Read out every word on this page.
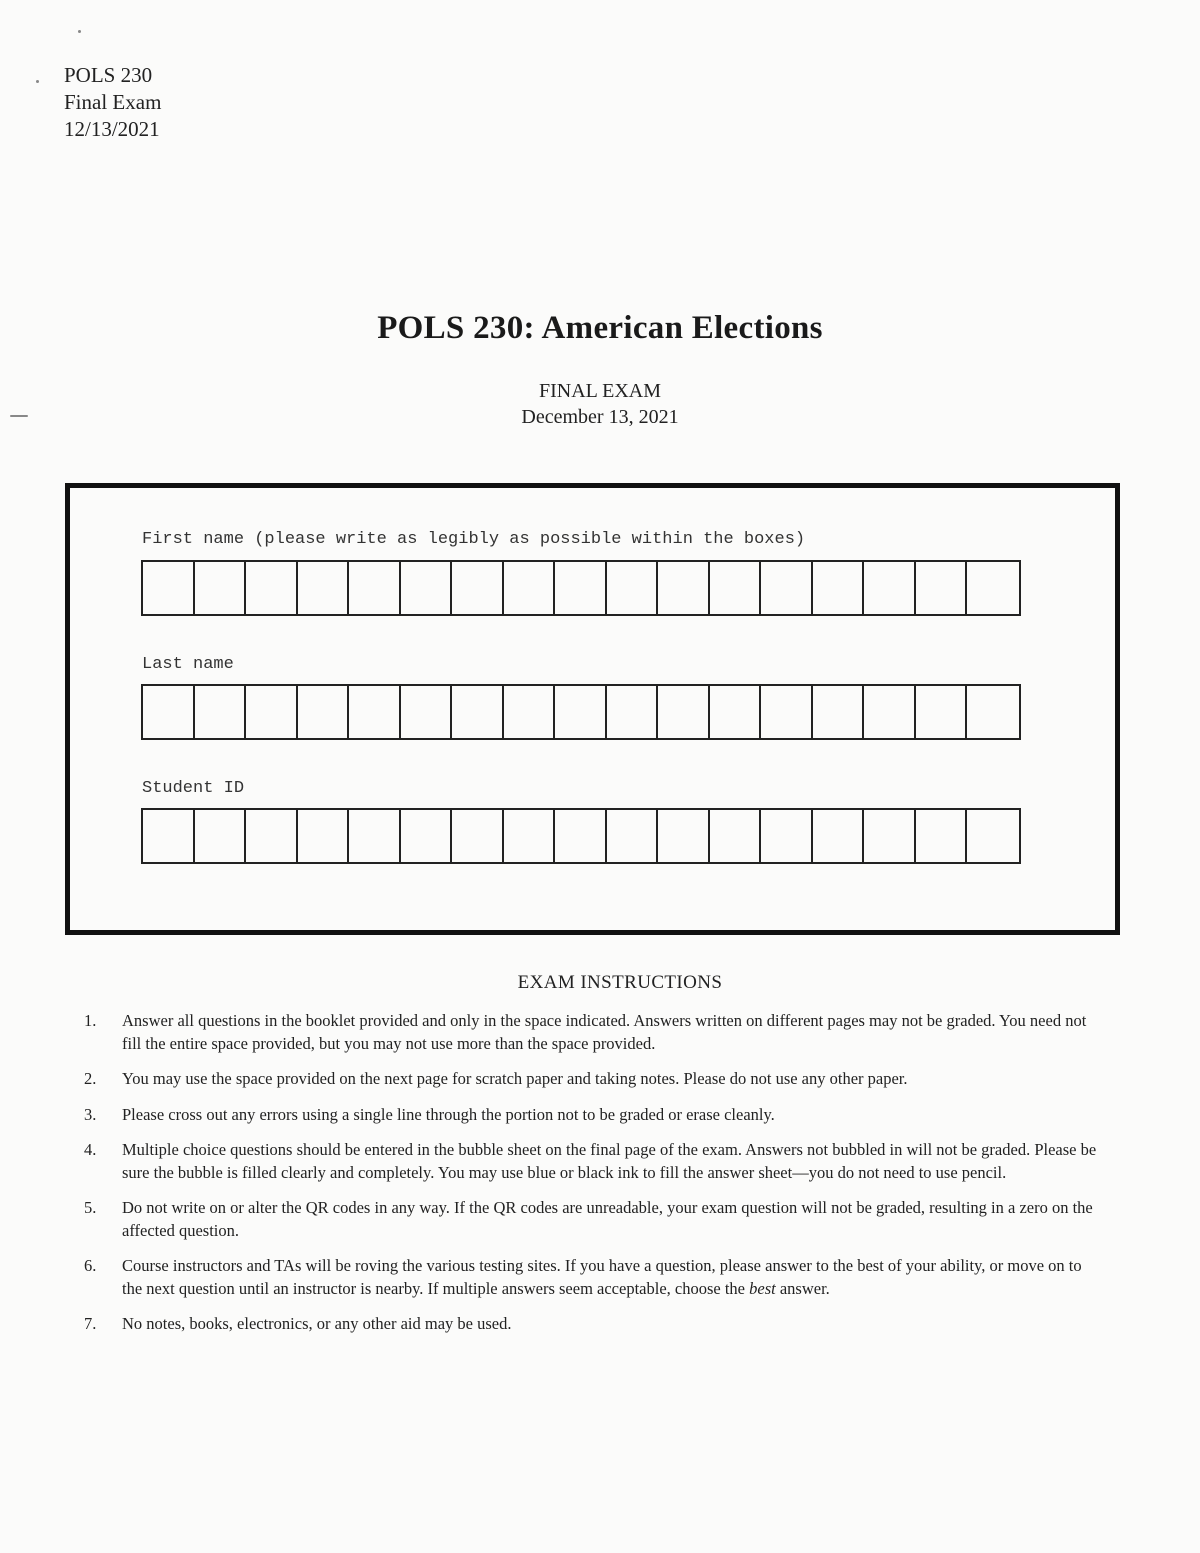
POLS 230
Final Exam
12/13/2021
POLS 230: American Elections
FINAL EXAM
December 13, 2021
First name (please write as legibly as possible within the boxes)
Last name
Student ID
EXAM INSTRUCTIONS
1.	Answer all questions in the booklet provided and only in the space indicated. Answers written on different pages may not be graded. You need not fill the entire space provided, but you may not use more than the space provided.
2.	You may use the space provided on the next page for scratch paper and taking notes. Please do not use any other paper.
3.	Please cross out any errors using a single line through the portion not to be graded or erase cleanly.
4.	Multiple choice questions should be entered in the bubble sheet on the final page of the exam. Answers not bubbled in will not be graded. Please be sure the bubble is filled clearly and completely. You may use blue or black ink to fill the answer sheet—you do not need to use pencil.
5.	Do not write on or alter the QR codes in any way. If the QR codes are unreadable, your exam question will not be graded, resulting in a zero on the affected question.
6.	Course instructors and TAs will be roving the various testing sites. If you have a question, please answer to the best of your ability, or move on to the next question until an instructor is nearby. If multiple answers seem acceptable, choose the best answer.
7.	No notes, books, electronics, or any other aid may be used.
